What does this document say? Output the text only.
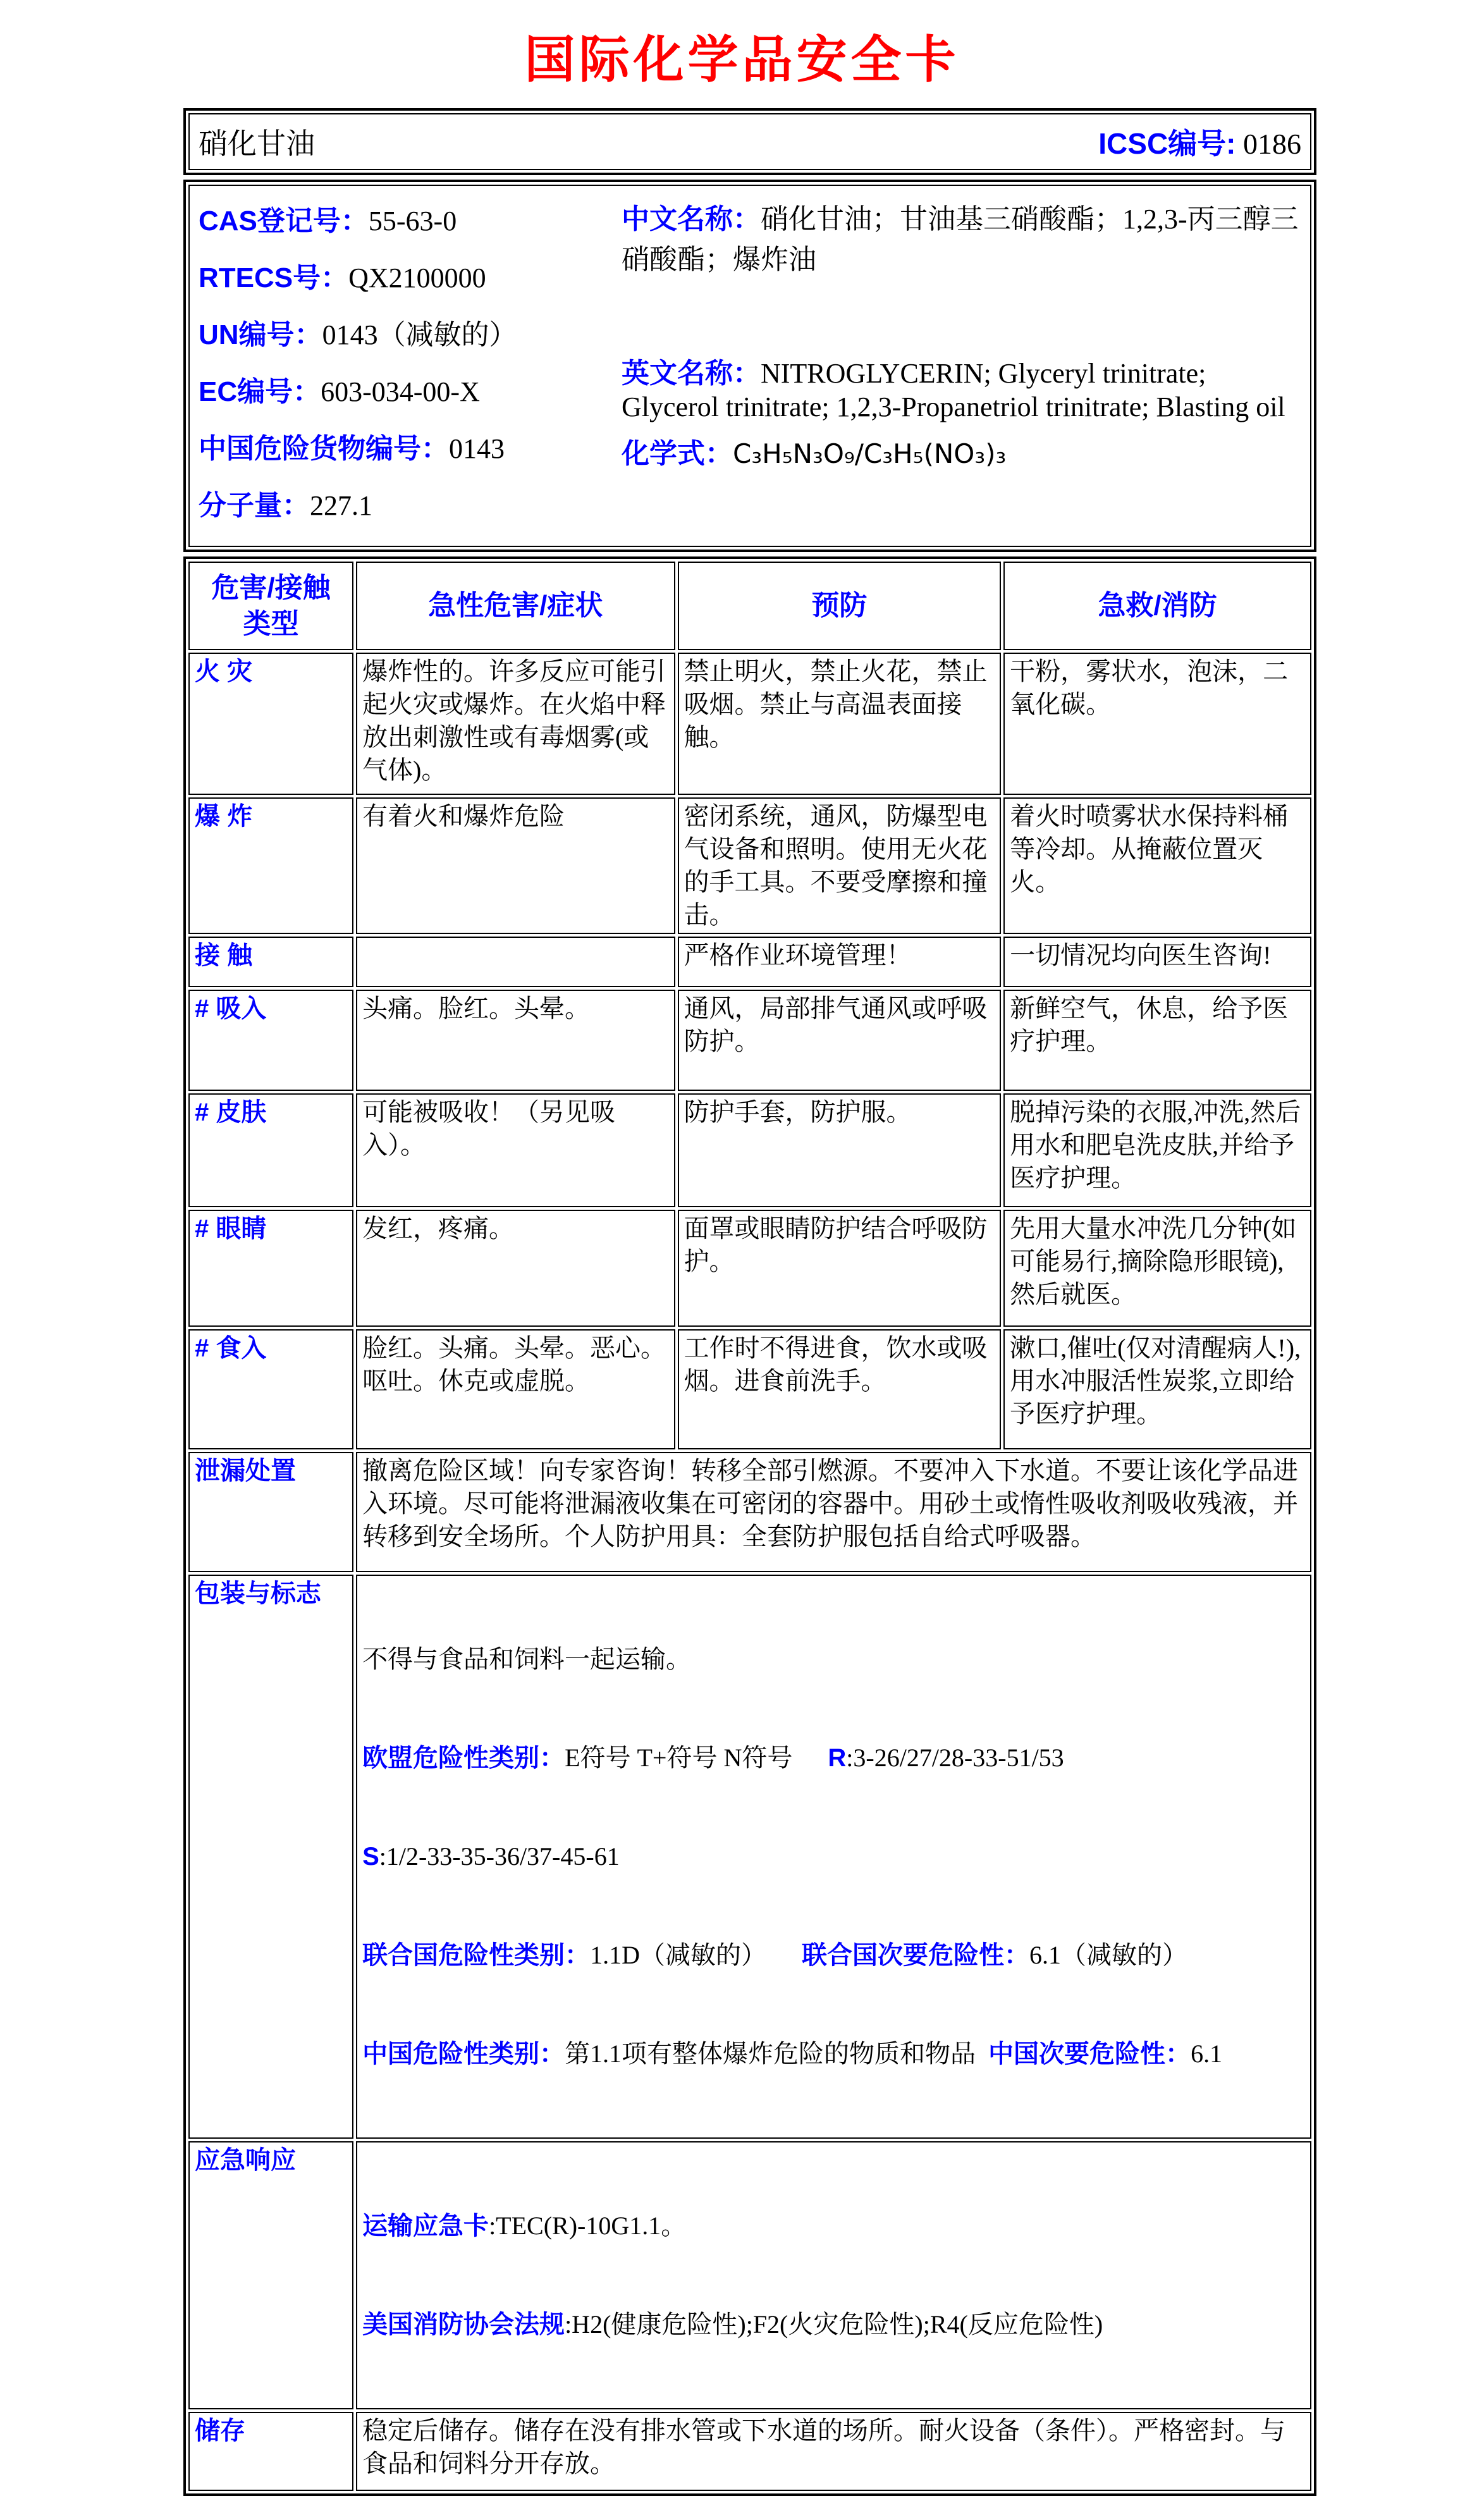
国际化学品安全卡
硝化甘油	ICSC编号: 0186

CAS登记号：55-63-0

RTECS号：QX2100000

UN编号：0143（减敏的）

EC编号：603-034-00-X

中国危险货物编号：0143

分子量：227.1

中文名称：硝化甘油；甘油基三硝酸酯；1,2,3-丙三醇三硝酸酯；爆炸油

英文名称：NITROGLYCERIN; Glyceryl trinitrate; Glycerol trinitrate; 1,2,3-Propanetriol trinitrate; Blasting oil

化学式：C₃H₅N₃O₉/C₃H₅(NO₃)₃

危害/接触
类型	急性危害/症状	预防	急救/消防
火 灾	爆炸性的。许多反应可能引起火灾或爆炸。在火焰中释放出刺激性或有毒烟雾(或气体)。	禁止明火，禁止火花，禁止吸烟。禁止与高温表面接触。	干粉，雾状水，泡沫，二氧化碳。
爆 炸	有着火和爆炸危险	密闭系统，通风，防爆型电气设备和照明。使用无火花的手工具。不要受摩擦和撞击。	着火时喷雾状水保持料桶等冷却。从掩蔽位置灭火。
接 触		严格作业环境管理！	一切情况均向医生咨询!
# 吸入	头痛。脸红。头晕。	通风，局部排气通风或呼吸防护。	新鲜空气，休息，给予医疗护理。
# 皮肤	可能被吸收！（另见吸入）。	防护手套，防护服。	脱掉污染的衣服,冲洗,然后用水和肥皂洗皮肤,并给予医疗护理。
# 眼睛	发红，疼痛。	面罩或眼睛防护结合呼吸防护。	先用大量水冲洗几分钟(如可能易行,摘除隐形眼镜),然后就医。
# 食入	脸红。头痛。头晕。恶心。呕吐。休克或虚脱。	工作时不得进食，饮水或吸烟。进食前洗手。	漱口,催吐(仅对清醒病人!),用水冲服活性炭浆,立即给予医疗护理。
泄漏处置	撤离危险区域！向专家咨询！转移全部引燃源。不要冲入下水道。不要让该化学品进入环境。尽可能将泄漏液收集在可密闭的容器中。用砂土或惰性吸收剂吸收残液，并转移到安全场所。个人防护用具：全套防护服包括自给式呼吸器。		
包装与标志	不得与食品和饲料一起运输。

欧盟危险性类别：E符号 T+符号 N符号 R:3-26/27/28-33-51/53

S:1/2-33-35-36/37-45-61

联合国危险性类别：1.1D（减敏的） 联合国次要危险性：6.1（减敏的）

中国危险性类别：第1.1项有整体爆炸危险的物质和物品 中国次要危险性：6.1		

应急响应	运输应急卡:TEC(R)-10G1.1。

美国消防协会法规:H2(健康危险性);F2(火灾危险性);R4(反应危险性)		

储存	稳定后储存。储存在没有排水管或下水道的场所。耐火设备（条件）。严格密封。与食品和饲料分开存放。		
